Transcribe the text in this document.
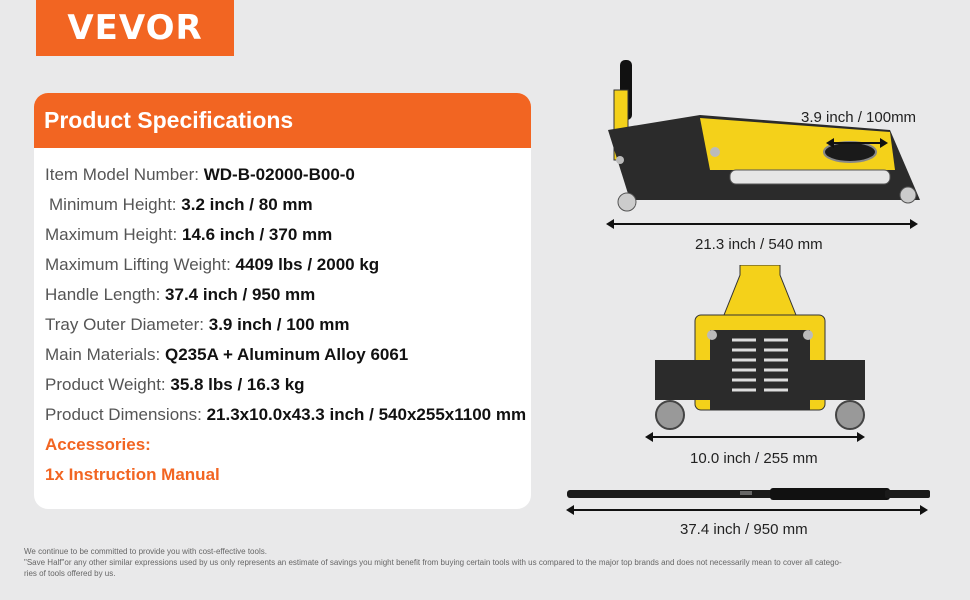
VEVOR
Product Specifications
Item Model Number: WD-B-02000-B00-0
Minimum Height: 3.2 inch / 80 mm
Maximum Height: 14.6 inch / 370 mm
Maximum Lifting Weight: 4409 lbs / 2000 kg
Handle Length: 37.4 inch / 950 mm
Tray Outer Diameter: 3.9 inch / 100 mm
Main Materials: Q235A + Aluminum Alloy 6061
Product Weight: 35.8 lbs / 16.3 kg
Product Dimensions: 21.3x10.0x43.3 inch / 540x255x1100 mm
Accessories:
1x Instruction Manual
3.9 inch / 100mm
21.3 inch / 540 mm
10.0 inch / 255 mm
37.4 inch / 950 mm
We continue to be committed to provide you with cost-effective tools.
"Save Half"or any other similar expressions used by us only represents an estimate of savings you might benefit from buying certain tools with us compared to the major top brands and does not necessarily mean to cover all catego-
ries of tools offered by us.
